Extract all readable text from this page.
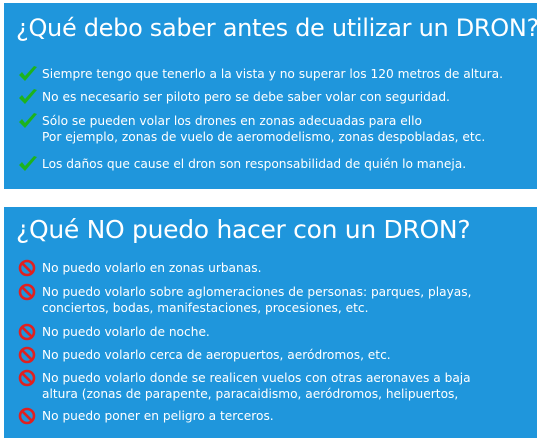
¿Qué debo saber antes de utilizar un DRON?
Siempre tengo que tenerlo a la vista y no superar los 120 metros de altura.
No es necesario ser piloto pero se debe saber volar con seguridad.
Sólo se pueden volar los drones en zonas adecuadas para ello
Por ejemplo, zonas de vuelo de aeromodelismo, zonas despobladas, etc.
Los daños que cause el dron son responsabilidad de quién lo maneja.
¿Qué NO puedo hacer con un DRON?
No puedo volarlo en zonas urbanas.
No puedo volarlo sobre aglomeraciones de personas: parques, playas,
conciertos, bodas, manifestaciones, procesiones, etc.
No puedo volarlo de noche.
No puedo volarlo cerca de aeropuertos, aeródromos, etc.
No puedo volarlo donde se realicen vuelos con otras aeronaves a baja
altura (zonas de parapente, paracaidismo, aeródromos, helipuertos,
No puedo poner en peligro a terceros.
